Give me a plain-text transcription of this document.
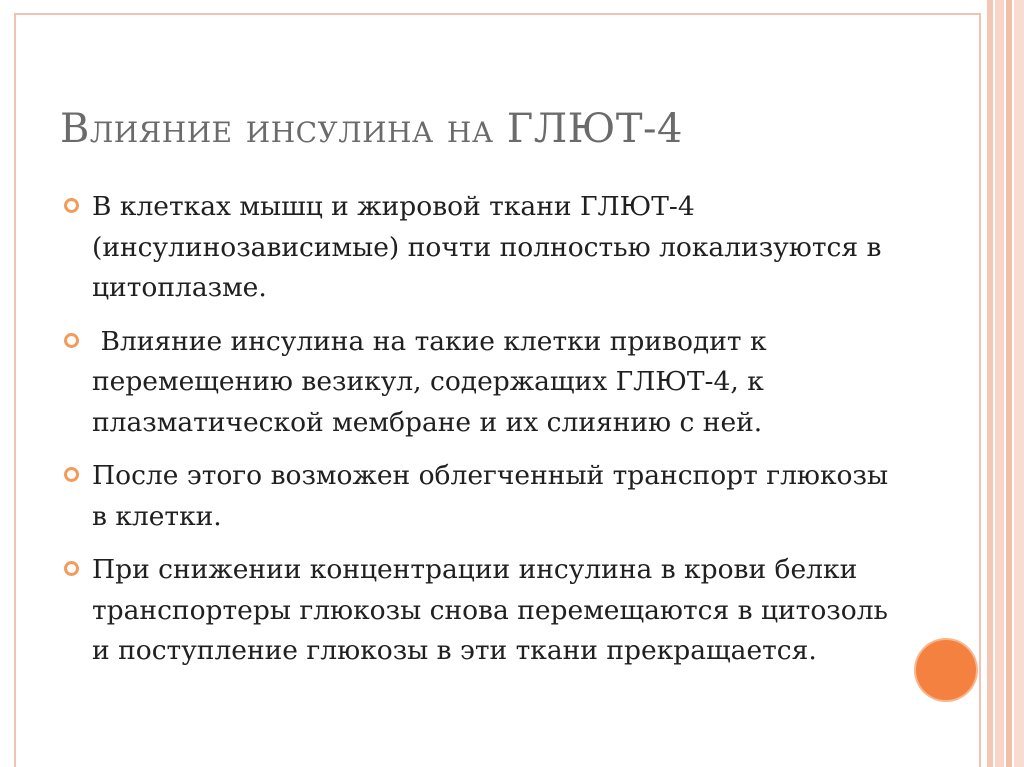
Влияние инсулина на ГЛЮТ-4
В клетках мышц и жировой ткани ГЛЮТ-4 (инсулинозависимые) почти полностью локализуются в цитоплазме.
Влияние инсулина на такие клетки приводит к перемещению везикул, содержащих ГЛЮТ-4, к плазматической мембране и их слиянию с ней.
После этого возможен облегченный транспорт глюкозы в клетки.
При снижении концентрации инсулина в крови белки транспортеры глюкозы снова перемещаются в цитозоль и поступление глюкозы в эти ткани прекращается.
